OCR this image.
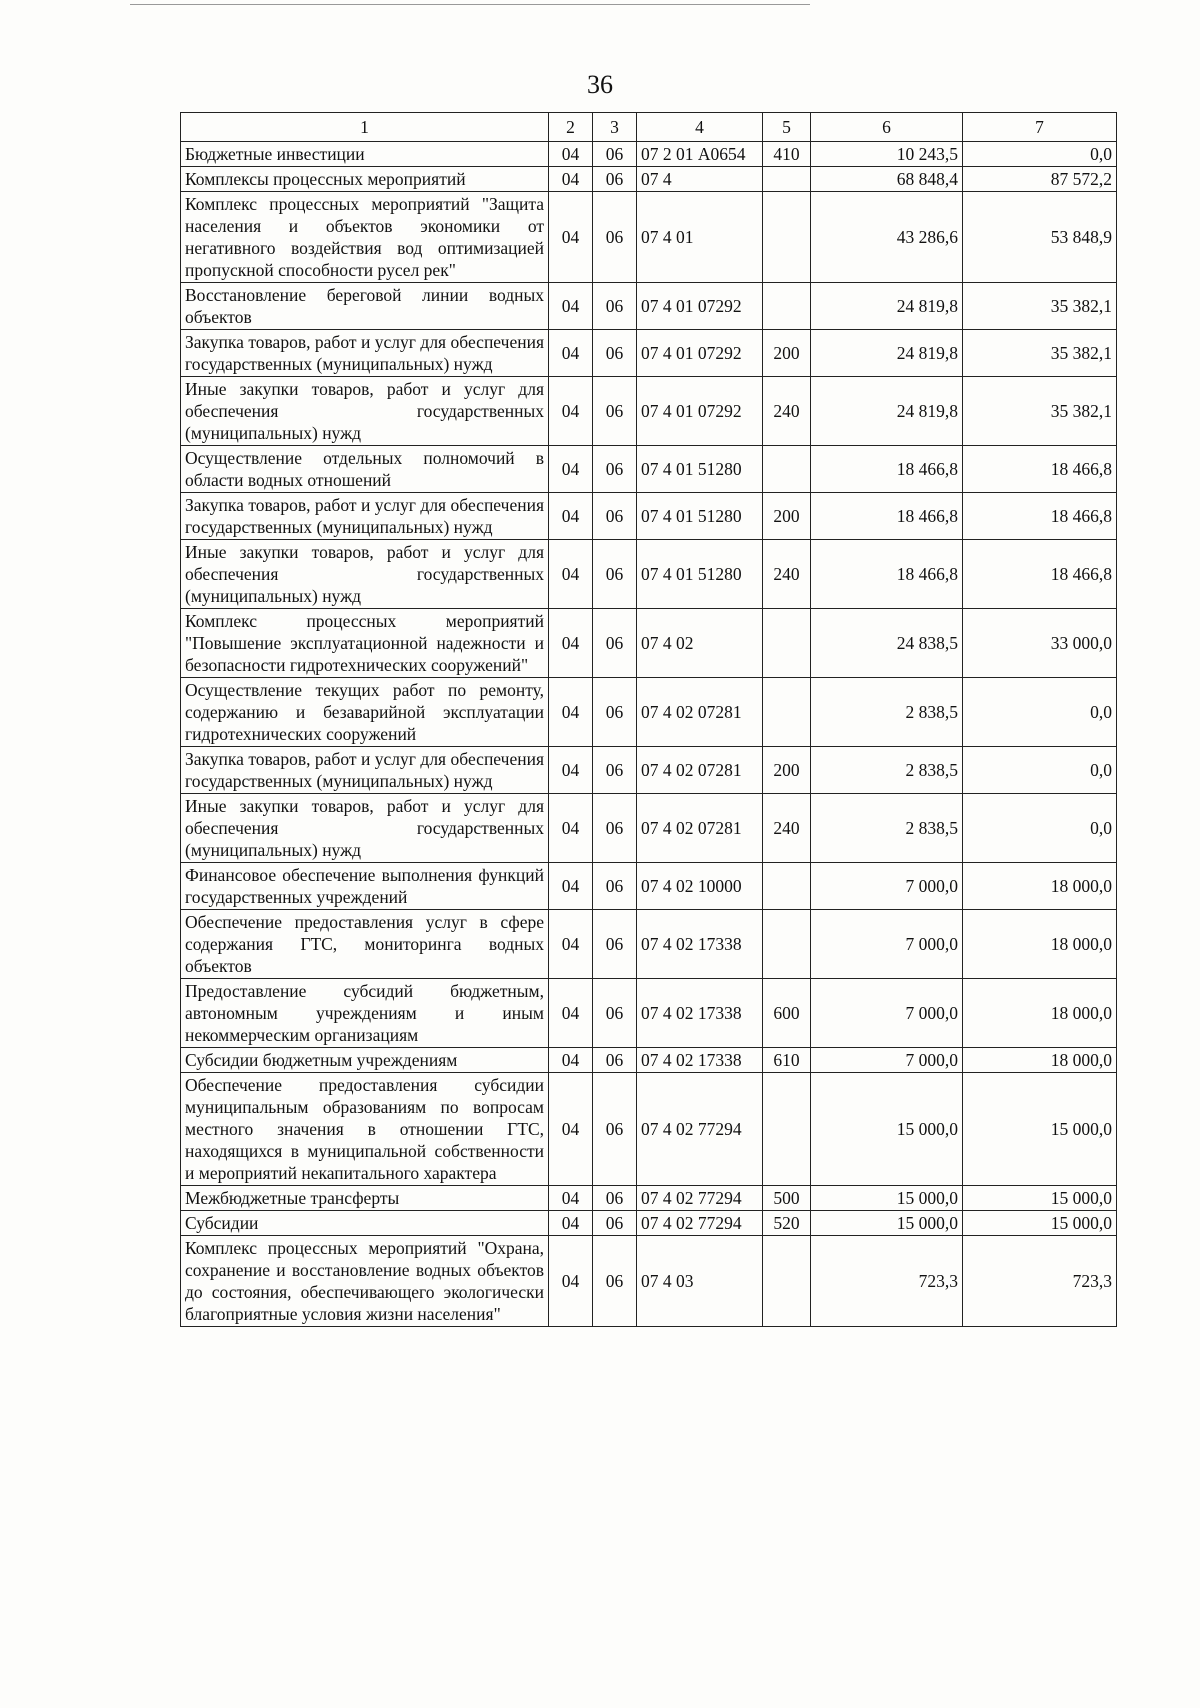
36
1	2	3	4	5	6	7
Бюджетные инвестиции	04	06	07 2 01 А0654	410	10 243,5	0,0
Комплексы процессных мероприятий	04	06	07 4		68 848,4	87 572,2
Комплекс процессных мероприятий "Защита населения и объектов экономики от негативного воздействия вод оптимизацией пропускной способности русел рек"	04	06	07 4 01		43 286,6	53 848,9
Восстановление береговой линии водных объектов	04	06	07 4 01 07292		24 819,8	35 382,1
Закупка товаров, работ и услуг для обеспечения государственных (муниципальных) нужд	04	06	07 4 01 07292	200	24 819,8	35 382,1
Иные закупки товаров, работ и услуг для обеспечения государственных (муниципальных) нужд	04	06	07 4 01 07292	240	24 819,8	35 382,1
Осуществление отдельных полномочий в области водных отношений	04	06	07 4 01 51280		18 466,8	18 466,8
Закупка товаров, работ и услуг для обеспечения государственных (муниципальных) нужд	04	06	07 4 01 51280	200	18 466,8	18 466,8
Иные закупки товаров, работ и услуг для обеспечения государственных (муниципальных) нужд	04	06	07 4 01 51280	240	18 466,8	18 466,8
Комплекс процессных мероприятий "Повышение эксплуатационной надежности и безопасности гидротехнических сооружений"	04	06	07 4 02		24 838,5	33 000,0
Осуществление текущих работ по ремонту, содержанию и безаварийной эксплуатации гидротехнических сооружений	04	06	07 4 02 07281		2 838,5	0,0
Закупка товаров, работ и услуг для обеспечения государственных (муниципальных) нужд	04	06	07 4 02 07281	200	2 838,5	0,0
Иные закупки товаров, работ и услуг для обеспечения государственных (муниципальных) нужд	04	06	07 4 02 07281	240	2 838,5	0,0
Финансовое обеспечение выполнения функций государственных учреждений	04	06	07 4 02 10000		7 000,0	18 000,0
Обеспечение предоставления услуг в сфере содержания ГТС, мониторинга водных объектов	04	06	07 4 02 17338		7 000,0	18 000,0
Предоставление субсидий бюджетным, автономным учреждениям и иным некоммерческим организациям	04	06	07 4 02 17338	600	7 000,0	18 000,0
Субсидии бюджетным учреждениям	04	06	07 4 02 17338	610	7 000,0	18 000,0
Обеспечение предоставления субсидии муниципальным образованиям по вопросам местного значения в отношении ГТС, находящихся в муниципальной собственности и мероприятий некапитального характера	04	06	07 4 02 77294		15 000,0	15 000,0
Межбюджетные трансферты	04	06	07 4 02 77294	500	15 000,0	15 000,0
Субсидии	04	06	07 4 02 77294	520	15 000,0	15 000,0
Комплекс процессных мероприятий "Охрана, сохранение и восстановление водных объектов до состояния, обеспечивающего экологически благоприятные условия жизни населения"	04	06	07 4 03		723,3	723,3
